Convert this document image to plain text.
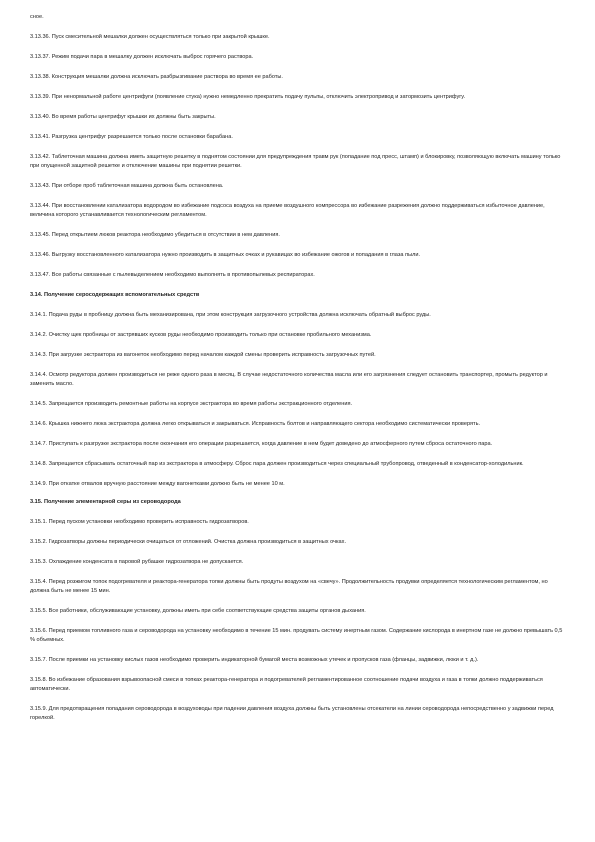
сное.

3.13.36. Пуск смесительной мешалки должен осуществляться только при закрытой крышке.

3.13.37. Режим подачи пара в мешалку должен исключать выброс горячего раствора.

3.13.38. Конструкция мешалки должна исключать разбрызгивание раствора во время ее работы.

3.13.39. При ненормальной работе центрифуги (появление стука) нужно немедленно прекратить подачу пульпы, отключить электропривод и затормозить центрифугу.

3.13.40. Во время работы центрифуг крышки их должны быть закрыты.

3.13.41. Разгрузка центрифуг разрешается только после остановки барабана.

3.13.42. Таблеточная машина должна иметь защитную решетку в поднятом состоянии для предупреждения травм рук (попадание под пресс, штамп) и блокировку, позволяющую включать машину только при опущенной защитной решетке и отключение машины при поднятии решетки.

3.13.43. При отборе проб таблеточная машина должна быть остановлена.

3.13.44. При восстановлении катализатора водородом во избежание подсоса воздуха на приеме воздушного компрессора во избежание разрежения должно поддерживаться избыточное давление, величина которого устанавливается технологическим регламентом.

3.13.45. Перед открытием люков реактора необходимо убедиться в отсутствии в нем давления.

3.13.46. Выгрузку восстановленного катализатора нужно производить в защитных очках и рукавицах во избежание ожогов и попадания в глаза пыли.

3.13.47. Все работы связанные с пылевыделением необходимо выполнять в противопылевых респираторах.

3.14. Получение серосодержащих вспомогательных средств

3.14.1. Подача руды в пробницу должна быть механизирована, при этом конструкция загрузочного устройства должна исключать обратный выброс руды.

3.14.2. Очистку щек пробницы от застрявших кусков руды необходимо производить только при остановке пробильного механизма.

3.14.3. При загрузке экстрактора из вагонеток необходимо перед началом каждой смены проверить исправность загрузочных путей.

3.14.4. Осмотр редуктора должен производиться не реже одного раза в месяц. В случае недостаточного количества масла или его загрязнения следует остановить транспортер, промыть редуктор и заменить масло.

3.14.5. Запрещается производить ремонтные работы на корпусе экстрактора во время работы экстракционного отделения.

3.14.6. Крышка нижнего люка экстрактора должна легко открываться и закрываться. Исправность болтов и направляющего сектора необходимо систематически проверять.

3.14.7. Приступать к разгрузке экстрактора после окончания его операции разрешается, когда давление в нем будет доведено до атмосферного путем сброса остаточного пара.

3.14.8. Запрещается сбрасывать остаточный пар из экстрактора в атмосферу. Сброс пара должен производиться через специальный трубопровод, отведенный в конденсатор-холодильник.

3.14.9. При откатке отвалов вручную расстояние между вагонетками должно быть не менее 10 м.

3.15. Получение элементарной серы из сероводорода

3.15.1. Перед пуском установки необходимо проверить исправность гидрозатворов.

3.15.2. Гидрозатворы должны периодически очищаться от отложений. Очистка должна производиться в защитных очках.

3.15.3. Охлаждение конденсата в паровой рубашке гидрозатвора не допускается.

3.15.4. Перед розжигом топок подогревателя и реактора-генератора топки должны быть продуты воздухом на «свечу». Продолжительность продувки определяется технологическим регламентом, но должна быть не менее 15 мин.

3.15.5. Все работники, обслуживающие установку, должны иметь при себе соответствующие средства защиты органов дыхания.

3.15.6. Перед приемом топливного газа и сероводорода на установку необходимо в течение 15 мин. продувать систему инертным газом. Содержание кислорода в инертном газе не должно превышать 0,5 % объемных.

3.15.7. После приемки на установку кислых газов необходимо проверить индикаторной бумагой места возможных утечек и пропусков газа (фланцы, задвижки, люки и т. д.).

3.15.8. Во избежание образования взрывоопасной смеси в топках реактора-генератора и подогревателей регламентированное соотношение подачи воздуха и газа в топки должно поддерживаться автоматически.

3.15.9. Для предотвращения попадания сероводорода в воздуховоды при падении давления воздуха должны быть установлены отсекатели на линии сероводорода непосредственно у задвижки перед горелкой.
